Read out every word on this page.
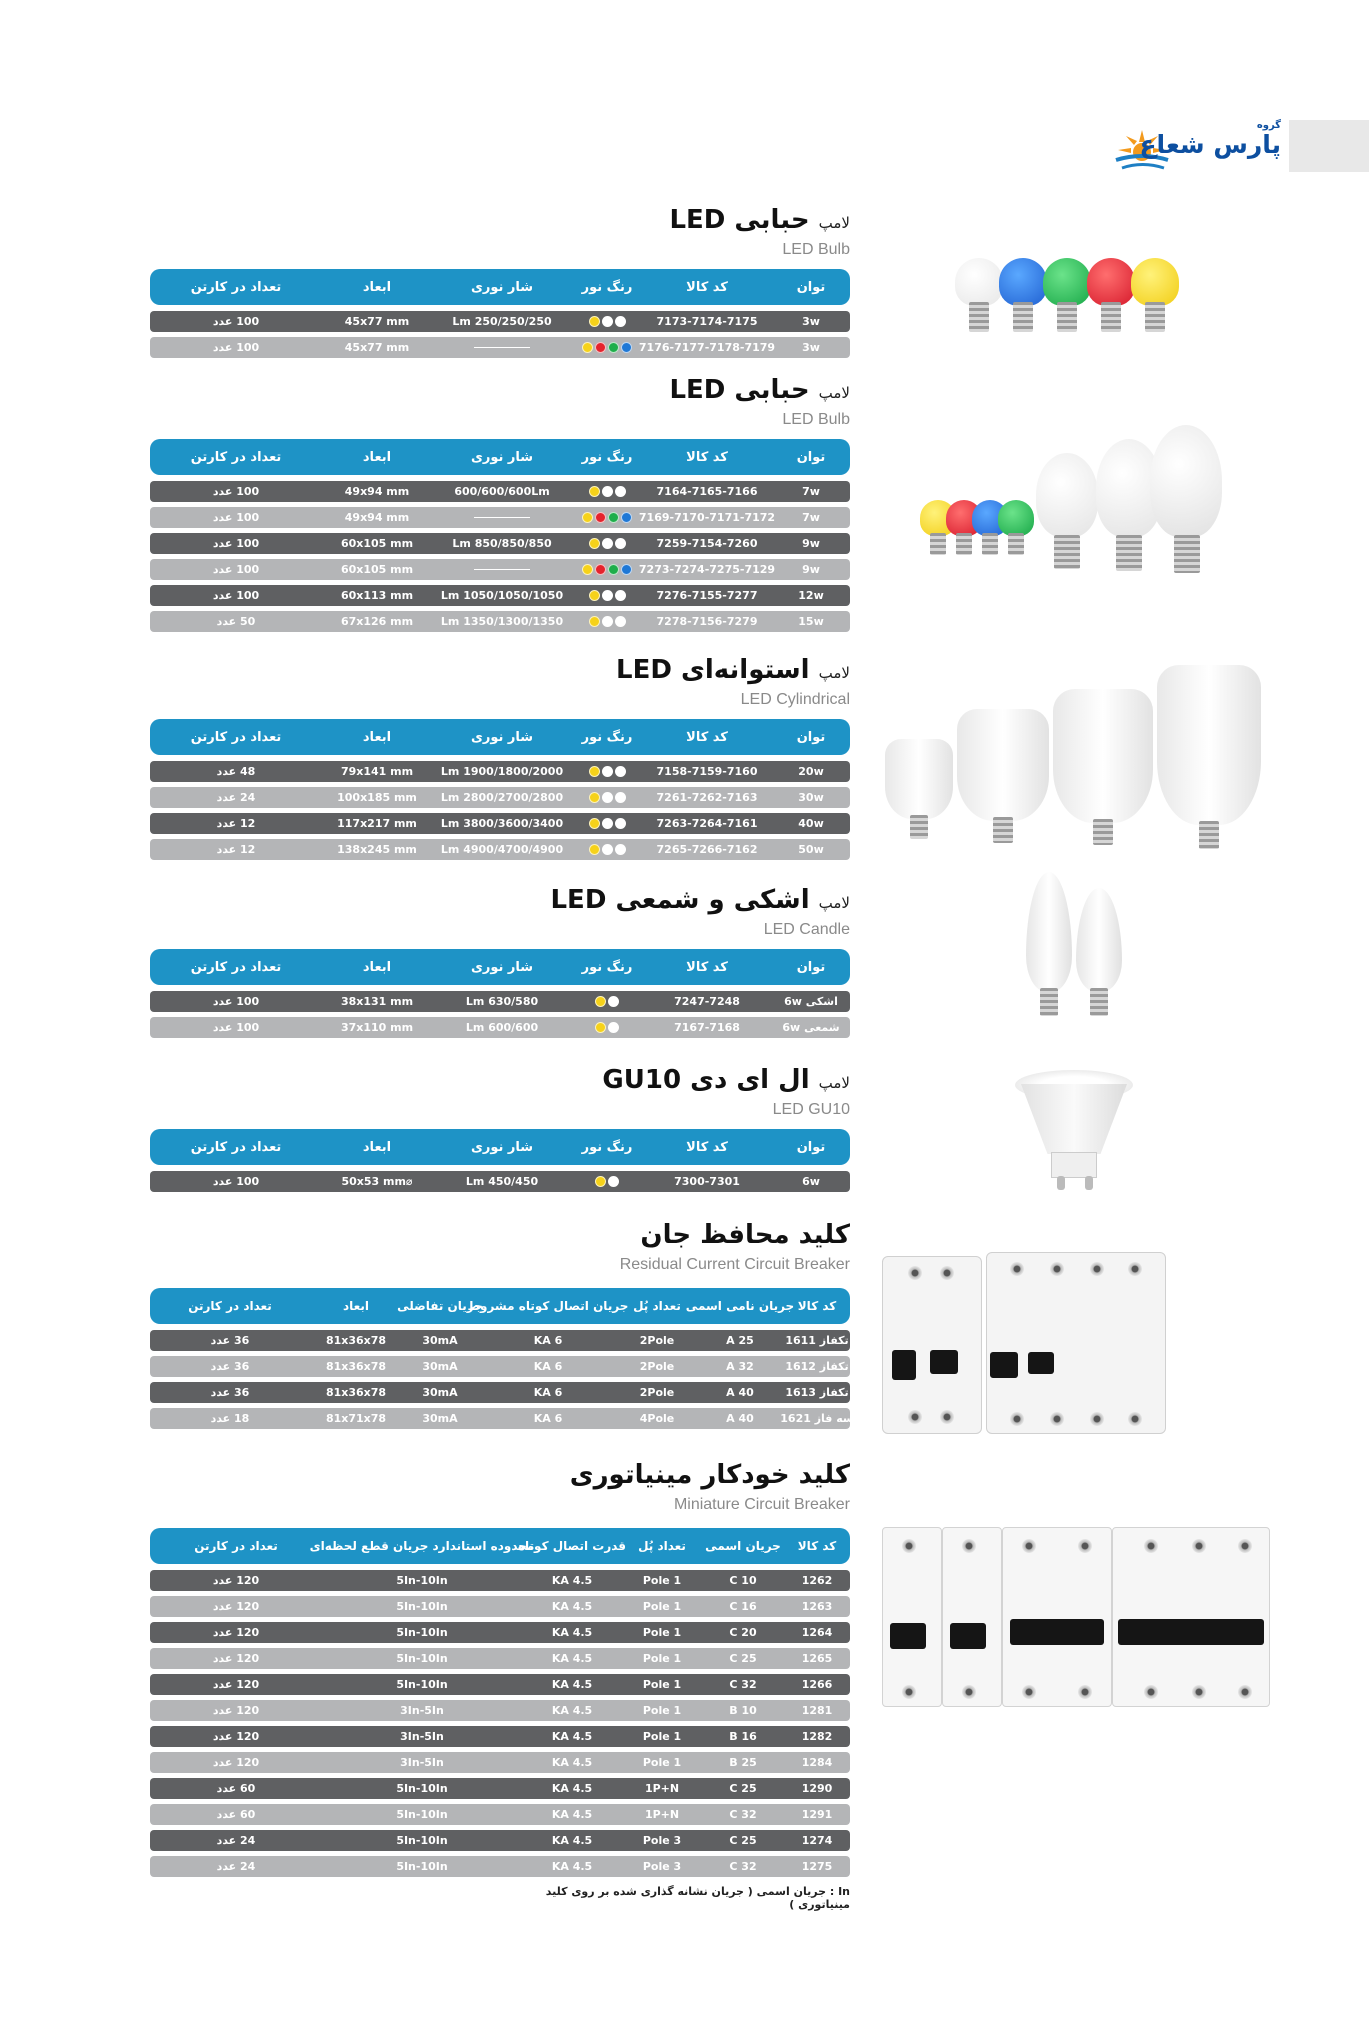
گروه
پارس شعاع
لامپ حبابی LED
LED Bulb
توان
کد کالا
رنگ نور
شار نوری
ابعاد
تعداد در کارتن
3w
7173-7174-7175
250/250/250 Lm
45x77 mm
100 عدد
3w
7176-7177-7178-7179
45x77 mm
100 عدد
لامپ حبابی LED
LED Bulb
توان
کد کالا
رنگ نور
شار نوری
ابعاد
تعداد در کارتن
7w
7164-7165-7166
600/600/600Lm
49x94 mm
100 عدد
7w
7169-7170-7171-7172
49x94 mm
100 عدد
9w
7259-7154-7260
850/850/850 Lm
60x105 mm
100 عدد
9w
7273-7274-7275-7129
60x105 mm
100 عدد
12w
7276-7155-7277
1050/1050/1050 Lm
60x113 mm
100 عدد
15w
7278-7156-7279
1350/1300/1350 Lm
67x126 mm
50 عدد
لامپ استوانه‌ای LED
LED Cylindrical
توان
کد کالا
رنگ نور
شار نوری
ابعاد
تعداد در کارتن
20w
7158-7159-7160
1900/1800/2000 Lm
79x141 mm
48 عدد
30w
7261-7262-7163
2800/2700/2800 Lm
100x185 mm
24 عدد
40w
7263-7264-7161
3800/3600/3400 Lm
117x217 mm
12 عدد
50w
7265-7266-7162
4900/4700/4900 Lm
138x245 mm
12 عدد
لامپ اشکی و شمعی LED
LED Candle
توان
کد کالا
رنگ نور
شار نوری
ابعاد
تعداد در کارتن
اشکی 6w
7247-7248
630/580 Lm
38x131 mm
100 عدد
شمعی 6w
7167-7168
600/600 Lm
37x110 mm
100 عدد
لامپ ال ای دی GU10
LED GU10
توان
کد کالا
رنگ نور
شار نوری
ابعاد
تعداد در کارتن
6w
7300-7301
450/450 Lm
⌀50x53 mm
100 عدد
کلید محافظ جان
Residual Current Circuit Breaker
کد کالا
جریان نامی اسمی
تعداد پُل
جریان اتصال کوتاه مشروط
جریان تفاضلی
ابعاد
تعداد در کارتن
تکفاز 1611
25 A
2Pole
6 KA
30mA
81x36x78
36 عدد
تکفاز 1612
32 A
2Pole
6 KA
30mA
81x36x78
36 عدد
تکفاز 1613
40 A
2Pole
6 KA
30mA
81x36x78
36 عدد
سه فاز 1621
40 A
4Pole
6 KA
30mA
81x71x78
18 عدد
کلید خودکار مینیاتوری
Miniature Circuit Breaker
کد کالا
جریان اسمی
تعداد پُل
قدرت اتصال کوتاه
محدوده استاندارد جریان قطع لحظه‌ای
تعداد در کارتن
1262
C 10
1 Pole
4.5 KA
5In-10In
120 عدد
1263
C 16
1 Pole
4.5 KA
5In-10In
120 عدد
1264
C 20
1 Pole
4.5 KA
5In-10In
120 عدد
1265
C 25
1 Pole
4.5 KA
5In-10In
120 عدد
1266
C 32
1 Pole
4.5 KA
5In-10In
120 عدد
1281
B 10
1 Pole
4.5 KA
3In-5In
120 عدد
1282
B 16
1 Pole
4.5 KA
3In-5In
120 عدد
1284
B 25
1 Pole
4.5 KA
3In-5In
120 عدد
1290
C 25
1P+N
4.5 KA
5In-10In
60 عدد
1291
C 32
1P+N
4.5 KA
5In-10In
60 عدد
1274
C 25
3 Pole
4.5 KA
5In-10In
24 عدد
1275
C 32
3 Pole
4.5 KA
5In-10In
24 عدد
In : جریان اسمی ( جریان نشانه گذاری شده بر روی کلید مینیاتوری )
